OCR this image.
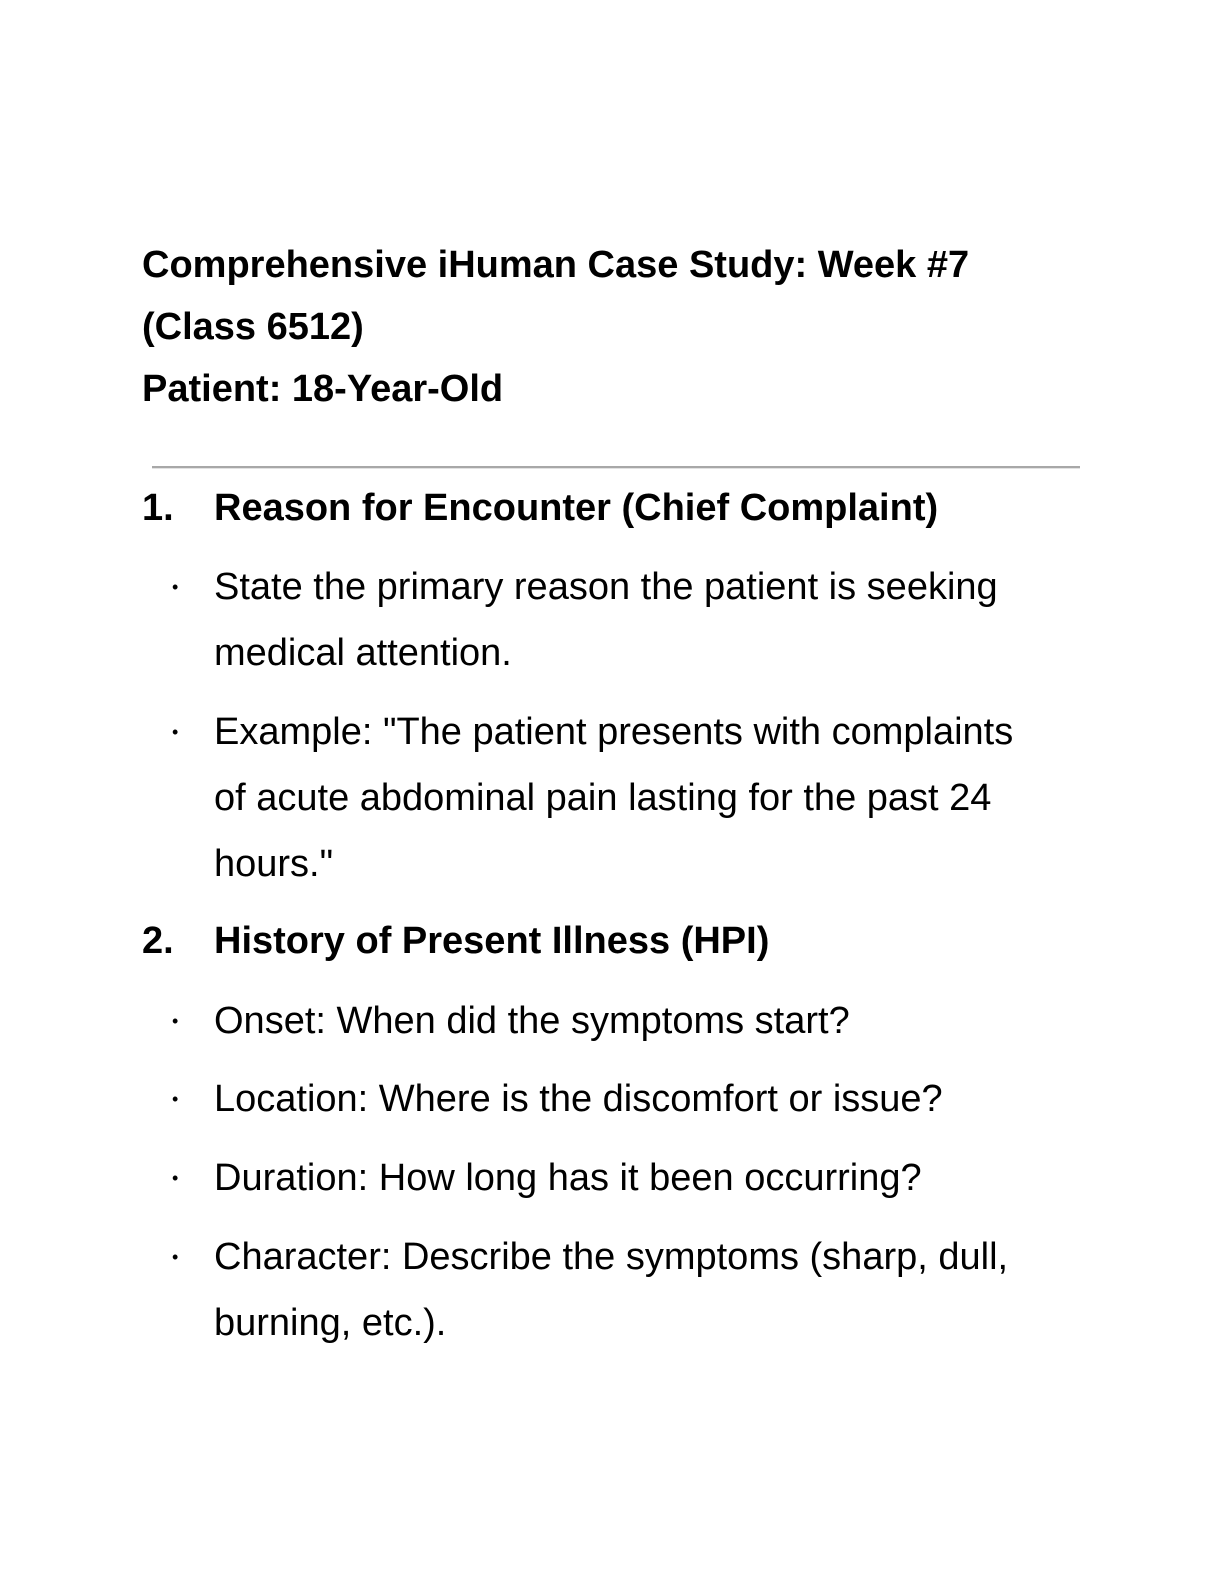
Comprehensive iHuman Case Study: Week #7
(Class 6512)
Patient: 18-Year-Old
1. Reason for Encounter (Chief Complaint)
• State the primary reason the patient is seeking medical attention.
• Example: "The patient presents with complaints of acute abdominal pain lasting for the past 24 hours."
2. History of Present Illness (HPI)
• Onset: When did the symptoms start?
• Location: Where is the discomfort or issue?
• Duration: How long has it been occurring?
• Character: Describe the symptoms (sharp, dull, burning, etc.).
